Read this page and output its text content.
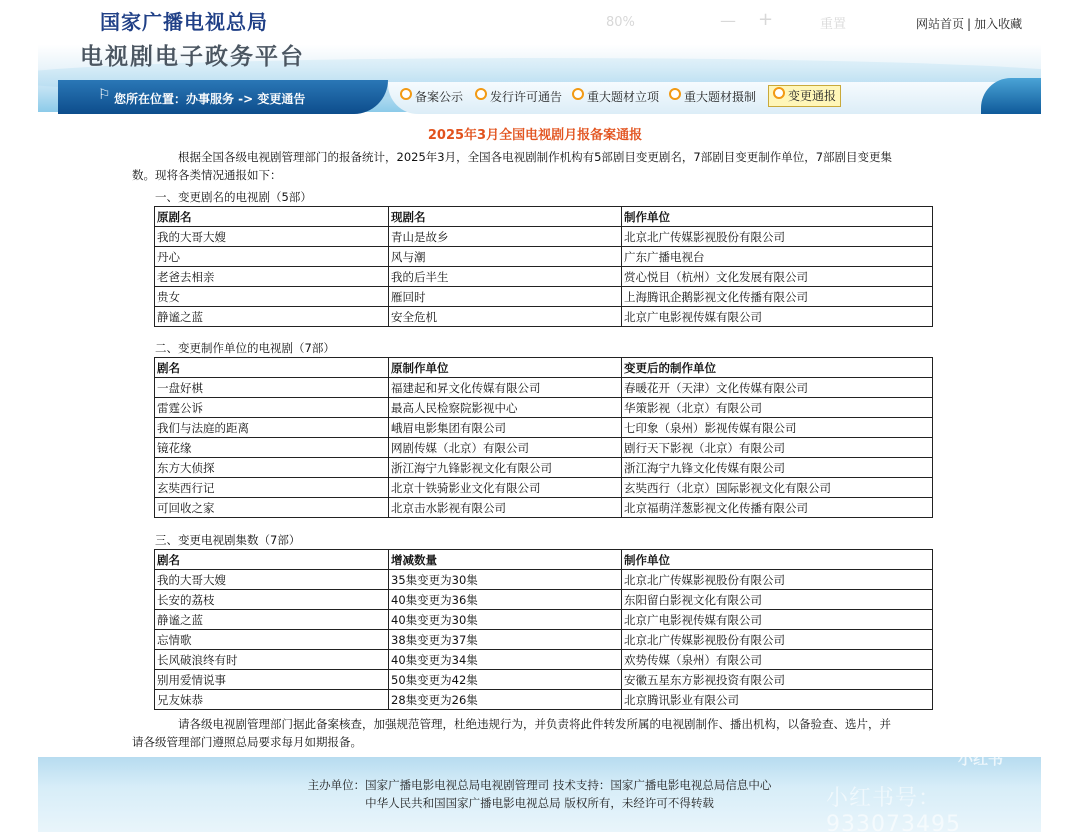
国家广播电视总局
电视剧电子政务平台
80%	— +	重置	网站首页 | 加入收藏
⚐ 您所在位置：办事服务 -> 变更通告	备案公示	发行许可通告	重大题材立项	重大题材摄制	变更通报
2025年3月全国电视剧月报备案通报
根据全国各级电视剧管理部门的报备统计，2025年3月，全国各电视剧制作机构有5部剧目变更剧名，7部剧目变更制作单位，7部剧目变更集
数。现将各类情况通报如下：
一、变更剧名的电视剧（5部）
原剧名	现剧名	制作单位
我的大哥大嫂	青山是故乡	北京北广传媒影视股份有限公司
丹心	风与潮	广东广播电视台
老爸去相亲	我的后半生	赏心悦目（杭州）文化发展有限公司
贵女	雁回时	上海腾讯企鹅影视文化传播有限公司
静谧之蓝	安全危机	北京广电影视传媒有限公司
二、变更制作单位的电视剧（7部）
剧名	原制作单位	变更后的制作单位
一盘好棋	福建起和昇文化传媒有限公司	春暖花开（天津）文化传媒有限公司
雷霆公诉	最高人民检察院影视中心	华策影视（北京）有限公司
我们与法庭的距离	峨眉电影集团有限公司	七印象（泉州）影视传媒有限公司
镜花缘	网剧传媒（北京）有限公司	剧行天下影视（北京）有限公司
东方大侦探	浙江海宁九锋影视文化有限公司	浙江海宁九锋文化传媒有限公司
玄奘西行记	北京十铁骑影业文化有限公司	玄奘西行（北京）国际影视文化有限公司
可回收之家	北京击水影视有限公司	北京福萌洋葱影视文化传播有限公司
三、变更电视剧集数（7部）
剧名	增减数量	制作单位
我的大哥大嫂	35集变更为30集	北京北广传媒影视股份有限公司
长安的荔枝	40集变更为36集	东阳留白影视文化有限公司
静谧之蓝	40集变更为30集	北京广电影视传媒有限公司
忘情歌	38集变更为37集	北京北广传媒影视股份有限公司
长风破浪终有时	40集变更为34集	欢势传媒（泉州）有限公司
别用爱情说事	50集变更为42集	安徽五星东方影视投资有限公司
兄友妹恭	28集变更为26集	北京腾讯影业有限公司
请各级电视剧管理部门据此备案核查，加强规范管理，杜绝违规行为，并负责将此件转发所属的电视剧制作、播出机构，以备验查、选片，并
请各级管理部门遵照总局要求每月如期报备。
主办单位：国家广播电影电视总局电视剧管理司 技术支持：国家广播电影电视总局信息中心
中华人民共和国国家广播电影电视总局 版权所有，未经许可不得转载
小红书
小红书号：933073495
